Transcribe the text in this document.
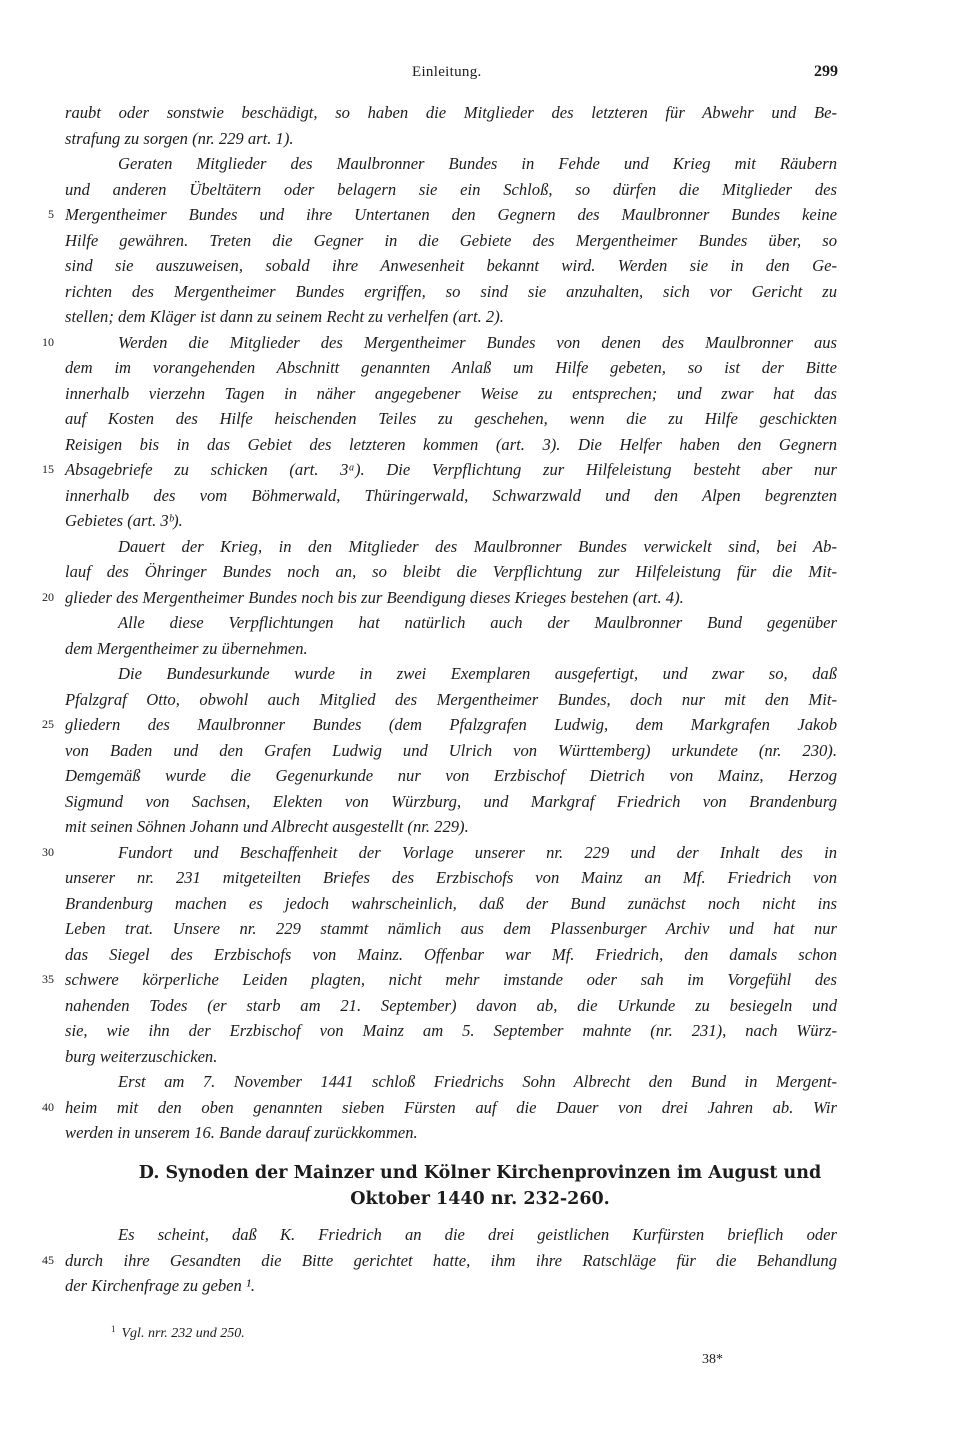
Einleitung.	299
raubt oder sonstwie beschädigt, so haben die Mitglieder des letzteren für Abwehr und Be-
strafung zu sorgen (nr. 229 art. 1).
Geraten Mitglieder des Maulbronner Bundes in Fehde und Krieg mit Räubern
und anderen Übeltätern oder belagern sie ein Schloß, so dürfen die Mitglieder des
5 Mergentheimer Bundes und ihre Untertanen den Gegnern des Maulbronner Bundes keine
Hilfe gewähren. Treten die Gegner in die Gebiete des Mergentheimer Bundes über, so
sind sie auszuweisen, sobald ihre Anwesenheit bekannt wird. Werden sie in den Ge-
richten des Mergentheimer Bundes ergriffen, so sind sie anzuhalten, sich vor Gericht zu
stellen; dem Kläger ist dann zu seinem Recht zu verhelfen (art. 2).
10	Werden die Mitglieder des Mergentheimer Bundes von denen des Maulbronner aus
dem im vorangehenden Abschnitt genannten Anlaß um Hilfe gebeten, so ist der Bitte
innerhalb vierzehn Tagen in näher angegebener Weise zu entsprechen; und zwar hat das
auf Kosten des Hilfe heischenden Teiles zu geschehen, wenn die zu Hilfe geschickten
Reisigen bis in das Gebiet des letzteren kommen (art. 3). Die Helfer haben den Gegnern
15 Absagebriefe zu schicken (art. 3ᵃ). Die Verpflichtung zur Hilfeleistung besteht aber nur
innerhalb des vom Böhmerwald, Thüringerwald, Schwarzwald und den Alpen begrenzten
Gebietes (art. 3ᵇ).
Dauert der Krieg, in den Mitglieder des Maulbronner Bundes verwickelt sind, bei Ab-
lauf des Öhringer Bundes noch an, so bleibt die Verpflichtung zur Hilfeleistung für die Mit-
20 glieder des Mergentheimer Bundes noch bis zur Beendigung dieses Krieges bestehen (art. 4).
Alle diese Verpflichtungen hat natürlich auch der Maulbronner Bund gegenüber
dem Mergentheimer zu übernehmen.
Die Bundesurkunde wurde in zwei Exemplaren ausgefertigt, und zwar so, daß
Pfalzgraf Otto, obwohl auch Mitglied des Mergentheimer Bundes, doch nur mit den Mit-
25 gliedern des Maulbronner Bundes (dem Pfalzgrafen Ludwig, dem Markgrafen Jakob
von Baden und den Grafen Ludwig und Ulrich von Württemberg) urkundete (nr. 230).
Demgemäß wurde die Gegenurkunde nur von Erzbischof Dietrich von Mainz, Herzog
Sigmund von Sachsen, Elekten von Würzburg, und Markgraf Friedrich von Brandenburg
mit seinen Söhnen Johann und Albrecht ausgestellt (nr. 229).
30	Fundort und Beschaffenheit der Vorlage unserer nr. 229 und der Inhalt des in
unserer nr. 231 mitgeteilten Briefes des Erzbischofs von Mainz an Mf. Friedrich von
Brandenburg machen es jedoch wahrscheinlich, daß der Bund zunächst noch nicht ins
Leben trat. Unsere nr. 229 stammt nämlich aus dem Plassenburger Archiv und hat nur
das Siegel des Erzbischofs von Mainz. Offenbar war Mf. Friedrich, den damals schon
35 schwere körperliche Leiden plagten, nicht mehr imstande oder sah im Vorgefühl des
nahenden Todes (er starb am 21. September) davon ab, die Urkunde zu besiegeln und
sie, wie ihn der Erzbischof von Mainz am 5. September mahnte (nr. 231), nach Würz-
burg weiterzuschicken.
Erst am 7. November 1441 schloß Friedrichs Sohn Albrecht den Bund in Mergent-
40 heim mit den oben genannten sieben Fürsten auf die Dauer von drei Jahren ab. Wir
werden in unserem 16. Bande darauf zurückkommen.
D. Synoden der Mainzer und Kölner Kirchenprovinzen im August und
Oktober 1440 nr. 232-260.
Es scheint, daß K. Friedrich an die drei geistlichen Kurfürsten brieflich oder
45 durch ihre Gesandten die Bitte gerichtet hatte, ihm ihre Ratschläge für die Behandlung
der Kirchenfrage zu geben ¹.
$^1$ Vgl. nrr. 232 und 250.
38*
